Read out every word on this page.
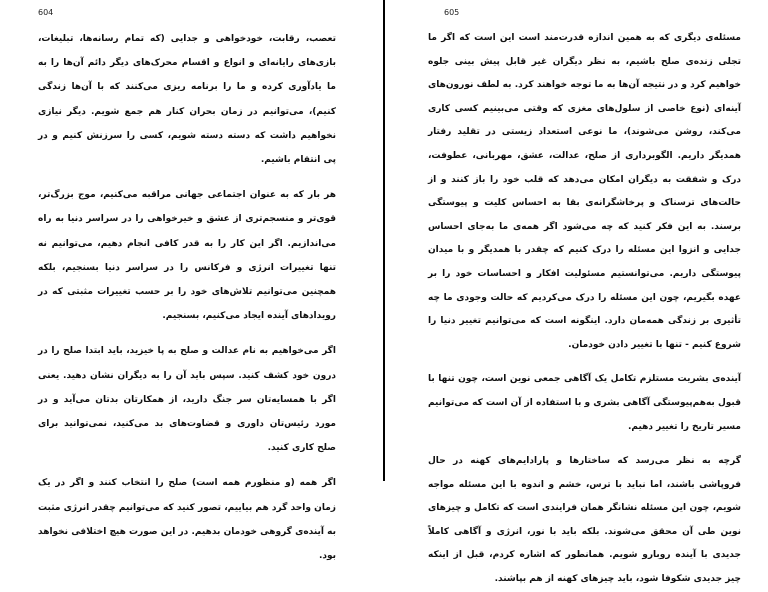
604

تعصب، رقابت، خودخواهی و جدایی (که تمام رسانه‌ها، تبلیغات، بازی‌های رایانه‌ای و انواع و اقسام محرک‌های دیگر دائم آن‌ها را به ما یادآوری کرده و ما را برنامه ریزی می‌کنند که با آن‌ها زندگی کنیم)، می‌توانیم در زمان بحران کنار هم جمع شویم. دیگر نیازی نخواهیم داشت که دسته دسته شویم، کسی را سرزنش کنیم و در پی انتقام باشیم.

هر بار که به عنوان اجتماعی جهانی مراقبه می‌کنیم، موج بزرگ‌تر، قوی‌تر و منسجم‌تری از عشق و خیرخواهی را در سراسر دنیا به راه می‌اندازیم. اگر این کار را به قدر کافی انجام دهیم، می‌توانیم نه تنها تغییرات انرژی و فرکانس را در سراسر دنیا بسنجیم، بلکه همچنین می‌توانیم تلاش‌های خود را بر حسب تغییرات مثبتی که در رویدادهای آینده ایجاد می‌کنیم، بسنجیم.

اگر می‌خواهیم به نام عدالت و صلح به پا خیزید، باید ابتدا صلح را در درون خود کشف کنید. سپس باید آن را به دیگران نشان دهید. یعنی اگر با همسایه‌تان سر جنگ دارید، از همکارتان بدتان می‌آید و در مورد رئیس‌تان داوری و قضاوت‌های بد می‌کنید، نمی‌توانید برای صلح کاری کنید.

اگر همه (و منظورم همه است) صلح را انتخاب کنند و اگر در یک زمان واحد گرد هم بیاییم، تصور کنید که می‌توانیم چقدر انرژی مثبت به آینده‌ی گروهی خودمان بدهیم. در این صورت هیچ اختلافی نخواهد بود.

605

مسئله‌ی دیگری که به همین اندازه قدرت‌مند است این است که اگر ما تجلی زنده‌ی صلح باشیم، به نظر دیگران غیر قابل پیش بینی جلوه خواهیم کرد و در نتیجه آن‌ها به ما توجه خواهند کرد. به لطف نورون‌های آینه‌ای (نوع خاصی از سلول‌های مغزی که وقتی می‌بینیم کسی کاری می‌کند، روشن می‌شوند)، ما نوعی استعداد زیستی در تقلید رفتار همدیگر داریم. الگوبرداری از صلح، عدالت، عشق، مهربانی، عطوفت، درک و شفقت به دیگران امکان می‌دهد که قلب خود را باز کنند و از حالت‌های ترسناک و پرخاشگرانه‌ی بقا به احساس کلیت و پیوستگی برسند. به این فکر کنید که چه می‌شود اگر همه‌ی ما به‌جای احساس جدایی و انزوا این مسئله را درک کنیم که چقدر با همدیگر و با میدان پیوستگی داریم. می‌توانستیم مسئولیت افکار و احساسات خود را بر عهده بگیریم، چون این مسئله را درک می‌کردیم که حالت وجودی ما چه تأثیری بر زندگی همه‌مان دارد. اینگونه است که می‌توانیم تغییر دنیا را شروع کنیم - تنها با تغییر دادن خودمان.

آینده‌ی بشریت مستلزم تکامل یک آگاهی جمعی نوین است، چون تنها با قبول به‌هم‌پیوستگی آگاهی بشری و با استفاده از آن است که می‌توانیم مسیر تاریخ را تغییر دهیم.

گرچه به نظر می‌رسد که ساختارها و پارادایم‌های کهنه در حال فروپاشی باشند، اما نباید با ترس، خشم و اندوه با این مسئله مواجه شویم، چون این مسئله نشانگر همان فرایندی است که تکامل و چیزهای نوین طی آن محقق می‌شوند. بلکه باید با نور، انرژی و آگاهی کاملاً جدیدی با آینده روبارو شویم. همانطور که اشاره کردم، قبل از اینکه چیز جدیدی شکوفا شود، باید چیزهای کهنه از هم بپاشند.
